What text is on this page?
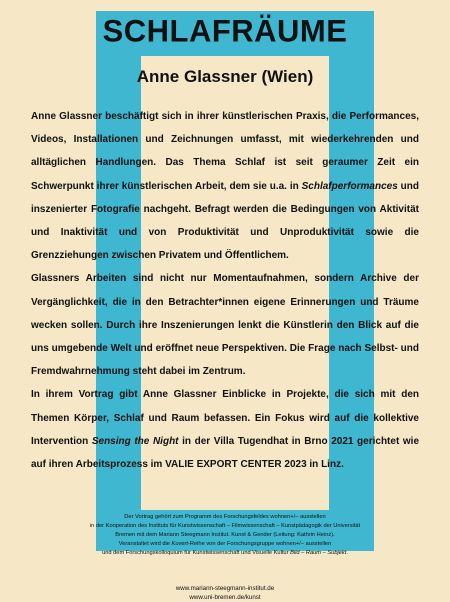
SCHLAFRÄUME
Anne Glassner (Wien)

Anne Glassner beschäftigt sich in ihrer künstlerischen Praxis, die Performances, Videos, Installationen und Zeichnungen umfasst, mit wiederkehrenden und alltäglichen Handlungen. Das Thema Schlaf ist seit geraumer Zeit ein Schwerpunkt ihrer künstlerischen Arbeit, dem sie u.a. in Schlafperformances und inszenierter Fotografie nachgeht. Befragt werden die Bedingungen von Aktivität und Inaktivität und von Produktivität und Unproduktivität sowie die Grenzziehungen zwischen Privatem und Öffentlichem.

Glassners Arbeiten sind nicht nur Momentaufnahmen, sondern Archive der Vergänglichkeit, die in den Betrachter*innen eigene Erinnerungen und Träume wecken sollen. Durch ihre Inszenierungen lenkt die Künstlerin den Blick auf die uns umgebende Welt und eröffnet neue Perspektiven. Die Frage nach Selbst- und Fremdwahrnehmung steht dabei im Zentrum.

In ihrem Vortrag gibt Anne Glassner Einblicke in Projekte, die sich mit den Themen Körper, Schlaf und Raum befassen. Ein Fokus wird auf die kollektive Intervention Sensing the Night in der Villa Tugendhat in Brno 2021 gerichtet wie auf ihren Arbeitsprozess im VALIE EXPORT CENTER 2023 in Linz.

Der Vortrag gehört zum Programm des Forschungsfeldes wohnen+/− ausstellen

in der Kooperation des Instituts für Kunstwissenschaft – Filmwissenschaft – Kunstpädagogik der Universität

Bremen mit dem Mariann Steegmann Institut. Kunst & Gender (Leitung: Kathrin Heinz).

Veranstaltet wird die Kuvert-Reihe von der Forschungsgruppe wohnen+/− ausstellen

und dem Forschungskolloquium für Kunstwissenschaft und Visuelle Kultur Bild – Raum – Subjekt.

www.mariann-steegmann-institut.de
www.uni-bremen.de/kunst
